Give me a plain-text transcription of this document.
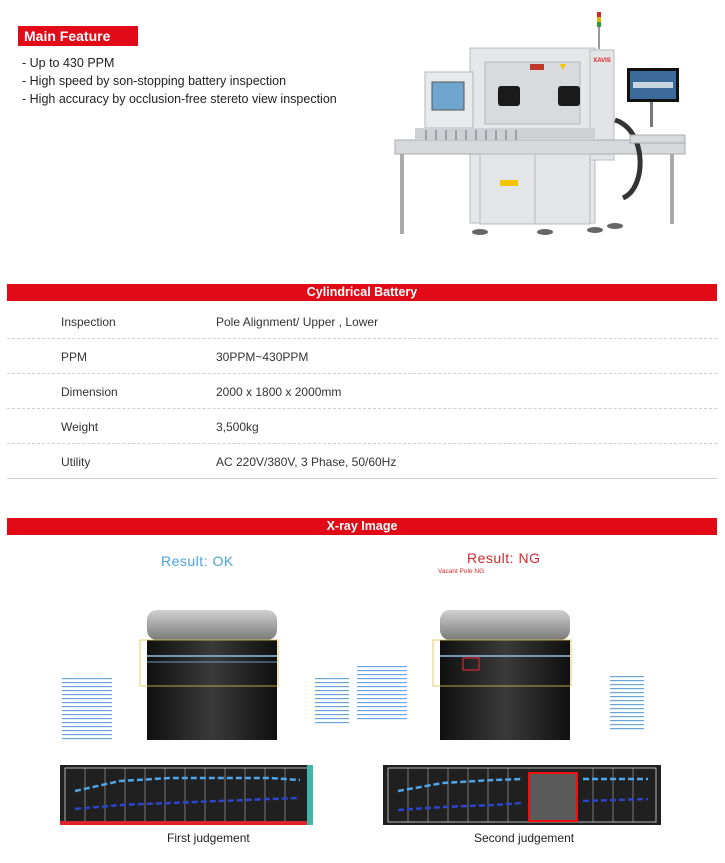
Main Feature
- Up to 430 PPM
- High speed by son-stopping battery inspection
- High accuracy by occlusion-free stereto view inspection
XAVIS
Cylindrical Battery
Inspection	Pole Alignment/ Upper , Lower
PPM	30PPM~430PPM
Dimension	2000 x 1800 x 2000mm
Weight	3,500kg
Utility	AC 220V/380V, 3 Phase, 50/60Hz
X-ray Image
Result: OK	Result: NG
Vacant Pole NG
First judgement	Second judgement
